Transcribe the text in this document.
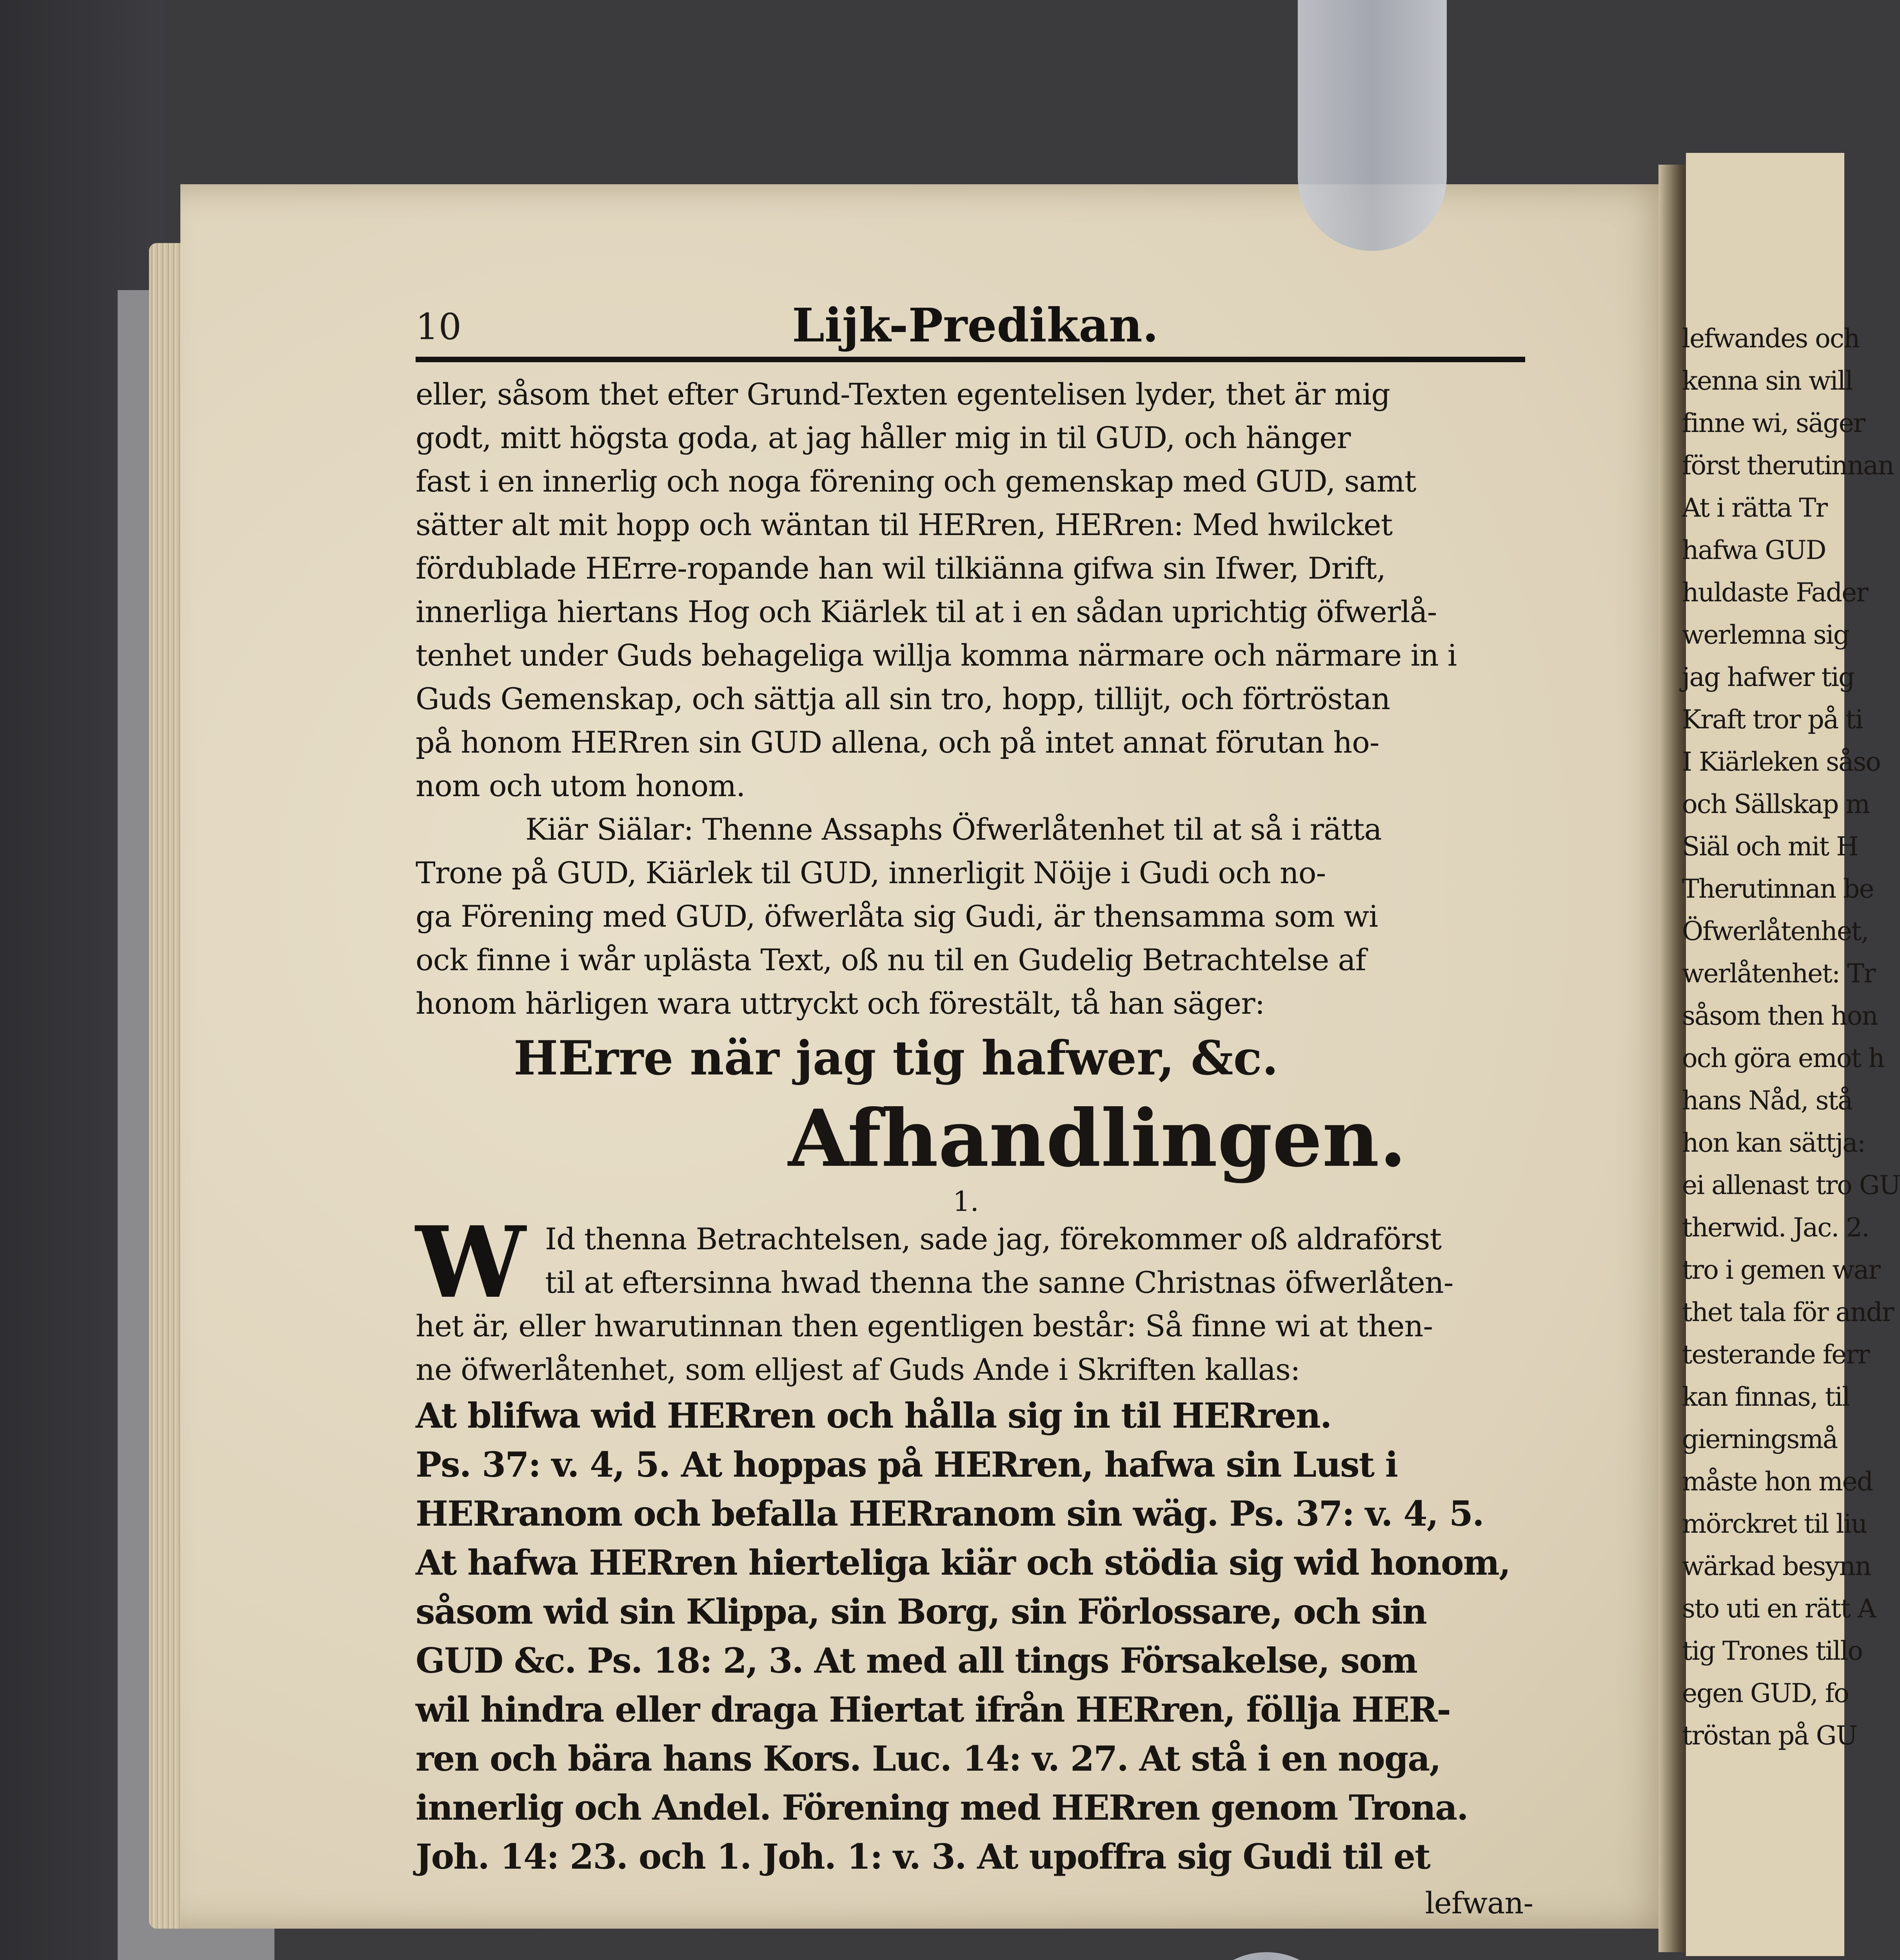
10	Lijk-Predikan.
eller, såsom thet efter Grund-Texten egentelisen lyder, thet är mig
godt, mitt högsta goda, at jag håller mig in til GUD, och hänger
fast i en innerlig och noga förening och gemenskap med GUD, samt
sätter alt mit hopp och wäntan til HERren, HERren: Med hwilcket
fördublade HErre-ropande han wil tilkiänna gifwa sin Ifwer, Drift,
innerliga hiertans Hog och Kiärlek til at i en sådan uprichtig öfwerlå-
tenhet under Guds behageliga willja komma närmare och närmare in i
Guds Gemenskap, och sättja all sin tro, hopp, tillijt, och förtröstan
på honom HERren sin GUD allena, och på intet annat förutan ho-
nom och utom honom.
Kiär Siälar: Thenne Assaphs Öfwerlåtenhet til at så i rätta
Trone på GUD, Kiärlek til GUD, innerligit Nöije i Gudi och no-
ga Förening med GUD, öfwerlåta sig Gudi, är thensamma som wi
ock finne i wår uplästa Text, oß nu til en Gudelig Betrachtelse af
honom härligen wara uttryckt och förestält, tå han säger:
HErre när jag tig hafwer, &c.
Afhandlingen.
1.
W Id thenna Betrachtelsen, sade jag, förekommer oß aldraförst
til at eftersinna hwad thenna the sanne Christnas öfwerlåten-
het är, eller hwarutinnan then egentligen består: Så finne wi at then-
ne öfwerlåtenhet, som elljest af Guds Ande i Skriften kallas:
At blifwa wid HERren och hålla sig in til HERren.
Ps. 37: v. 4, 5. At hoppas på HERren, hafwa sin Lust i
HERranom och befalla HERranom sin wäg. Ps. 37: v. 4, 5.
At hafwa HERren hierteliga kiär och stödia sig wid honom,
såsom wid sin Klippa, sin Borg, sin Förlossare, och sin
GUD &c. Ps. 18: 2, 3. At med all tings Försakelse, som
wil hindra eller draga Hiertat ifrån HERren, föllja HER-
ren och bära hans Kors. Luc. 14: v. 27. At stå i en noga,
innerlig och Andel. Förening med HERren genom Trona.
Joh. 14: 23. och 1. Joh. 1: v. 3. At upoffra sig Gudi til et
lefwan-
lefwandes och
kenna sin will
finne wi, säger
först therutinnan
At i rätta Tr
hafwa GUD
huldaste Fader
werlemna sig
jag hafwer tig
Kraft tror på ti
I Kiärleken såso
och Sällskap m
Siäl och mit H
Therutinnan be
Öfwerlåtenhet,
werlåtenhet: Tr
såsom then hon
och göra emot h
hans Nåd, stå
hon kan sättja:
ei allenast tro GU
therwid. Jac. 2.
tro i gemen war
thet tala för andr
testerande ferr
kan finnas, til
gierningsmå
måste hon med
mörckret til liu
wärkad besynn
sto uti en rätt A
tig Trones tillo
egen GUD, fo
tröstan på GU
